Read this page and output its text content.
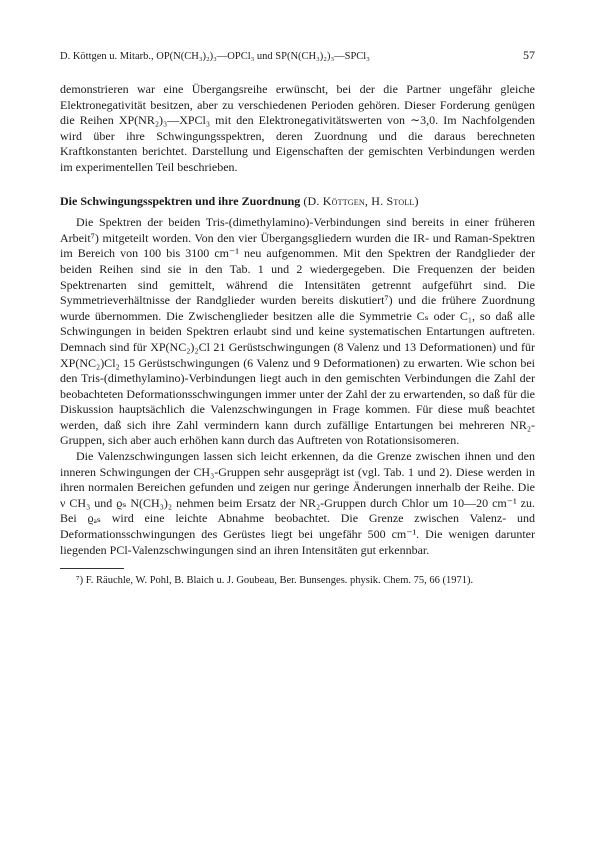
D. Köttgen u. Mitarb., OP(N(CH₃)₂)₃—OPCl₃ und SP(N(CH₃)₂)₃—SPCl₃	57

demonstrieren war eine Übergangsreihe erwünscht, bei der die Partner ungefähr gleiche Elektronegativität besitzen, aber zu verschiedenen Perioden gehören. Dieser Forderung genügen die Reihen XP(NR₂)₃—XPCl₃ mit den Elektronegativitätswerten von ∼3,0. Im Nachfolgenden wird über ihre Schwingungsspektren, deren Zuordnung und die daraus berechneten Kraftkonstanten berichtet. Darstellung und Eigenschaften der gemischten Verbindungen werden im experimentellen Teil beschrieben.

Die Schwingungsspektren und ihre Zuordnung (D. Köttgen, H. Stoll)

Die Spektren der beiden Tris-(dimethylamino)-Verbindungen sind bereits in einer früheren Arbeit⁷) mitgeteilt worden. Von den vier Übergangsgliedern wurden die IR- und Raman-Spektren im Bereich von 100 bis 3100 cm⁻¹ neu aufgenommen. Mit den Spektren der Randglieder der beiden Reihen sind sie in den Tab. 1 und 2 wiedergegeben. Die Frequenzen der beiden Spektrenarten sind gemittelt, während die Intensitäten getrennt aufgeführt sind. Die Symmetrieverhältnisse der Randglieder wurden bereits diskutiert⁷) und die frühere Zuordnung wurde übernommen. Die Zwischenglieder besitzen alle die Symmetrie Cₛ oder C₁, so daß alle Schwingungen in beiden Spektren erlaubt sind und keine systematischen Entartungen auftreten. Demnach sind für XP(NC₂)₂Cl 21 Gerüstschwingungen (8 Valenz und 13 Deformationen) und für XP(NC₂)Cl₂ 15 Gerüstschwingungen (6 Valenz und 9 Deformationen) zu erwarten. Wie schon bei den Tris-(dimethylamino)-Verbindungen liegt auch in den gemischten Verbindungen die Zahl der beobachteten Deformationsschwingungen immer unter der Zahl der zu erwartenden, so daß für die Diskussion hauptsächlich die Valenzschwingungen in Frage kommen. Für diese muß beachtet werden, daß sich ihre Zahl vermindern kann durch zufällige Entartungen bei mehreren NR₂-Gruppen, sich aber auch erhöhen kann durch das Auftreten von Rotationsisomeren.

Die Valenzschwingungen lassen sich leicht erkennen, da die Grenze zwischen ihnen und den inneren Schwingungen der CH₃-Gruppen sehr ausgeprägt ist (vgl. Tab. 1 und 2). Diese werden in ihren normalen Bereichen gefunden und zeigen nur geringe Änderungen innerhalb der Reihe. Die ν CH₃ und ϱₛ N(CH₃)₂ nehmen beim Ersatz der NR₂-Gruppen durch Chlor um 10—20 cm⁻¹ zu. Bei ϱₐₛ wird eine leichte Abnahme beobachtet. Die Grenze zwischen Valenz- und Deformationsschwingungen des Gerüstes liegt bei ungefähr 500 cm⁻¹. Die wenigen darunter liegenden PCl-Valenzschwingungen sind an ihren Intensitäten gut erkennbar.

⁷) F. Räuchle, W. Pohl, B. Blaich u. J. Goubeau, Ber. Bunsenges. physik. Chem. 75, 66 (1971).
